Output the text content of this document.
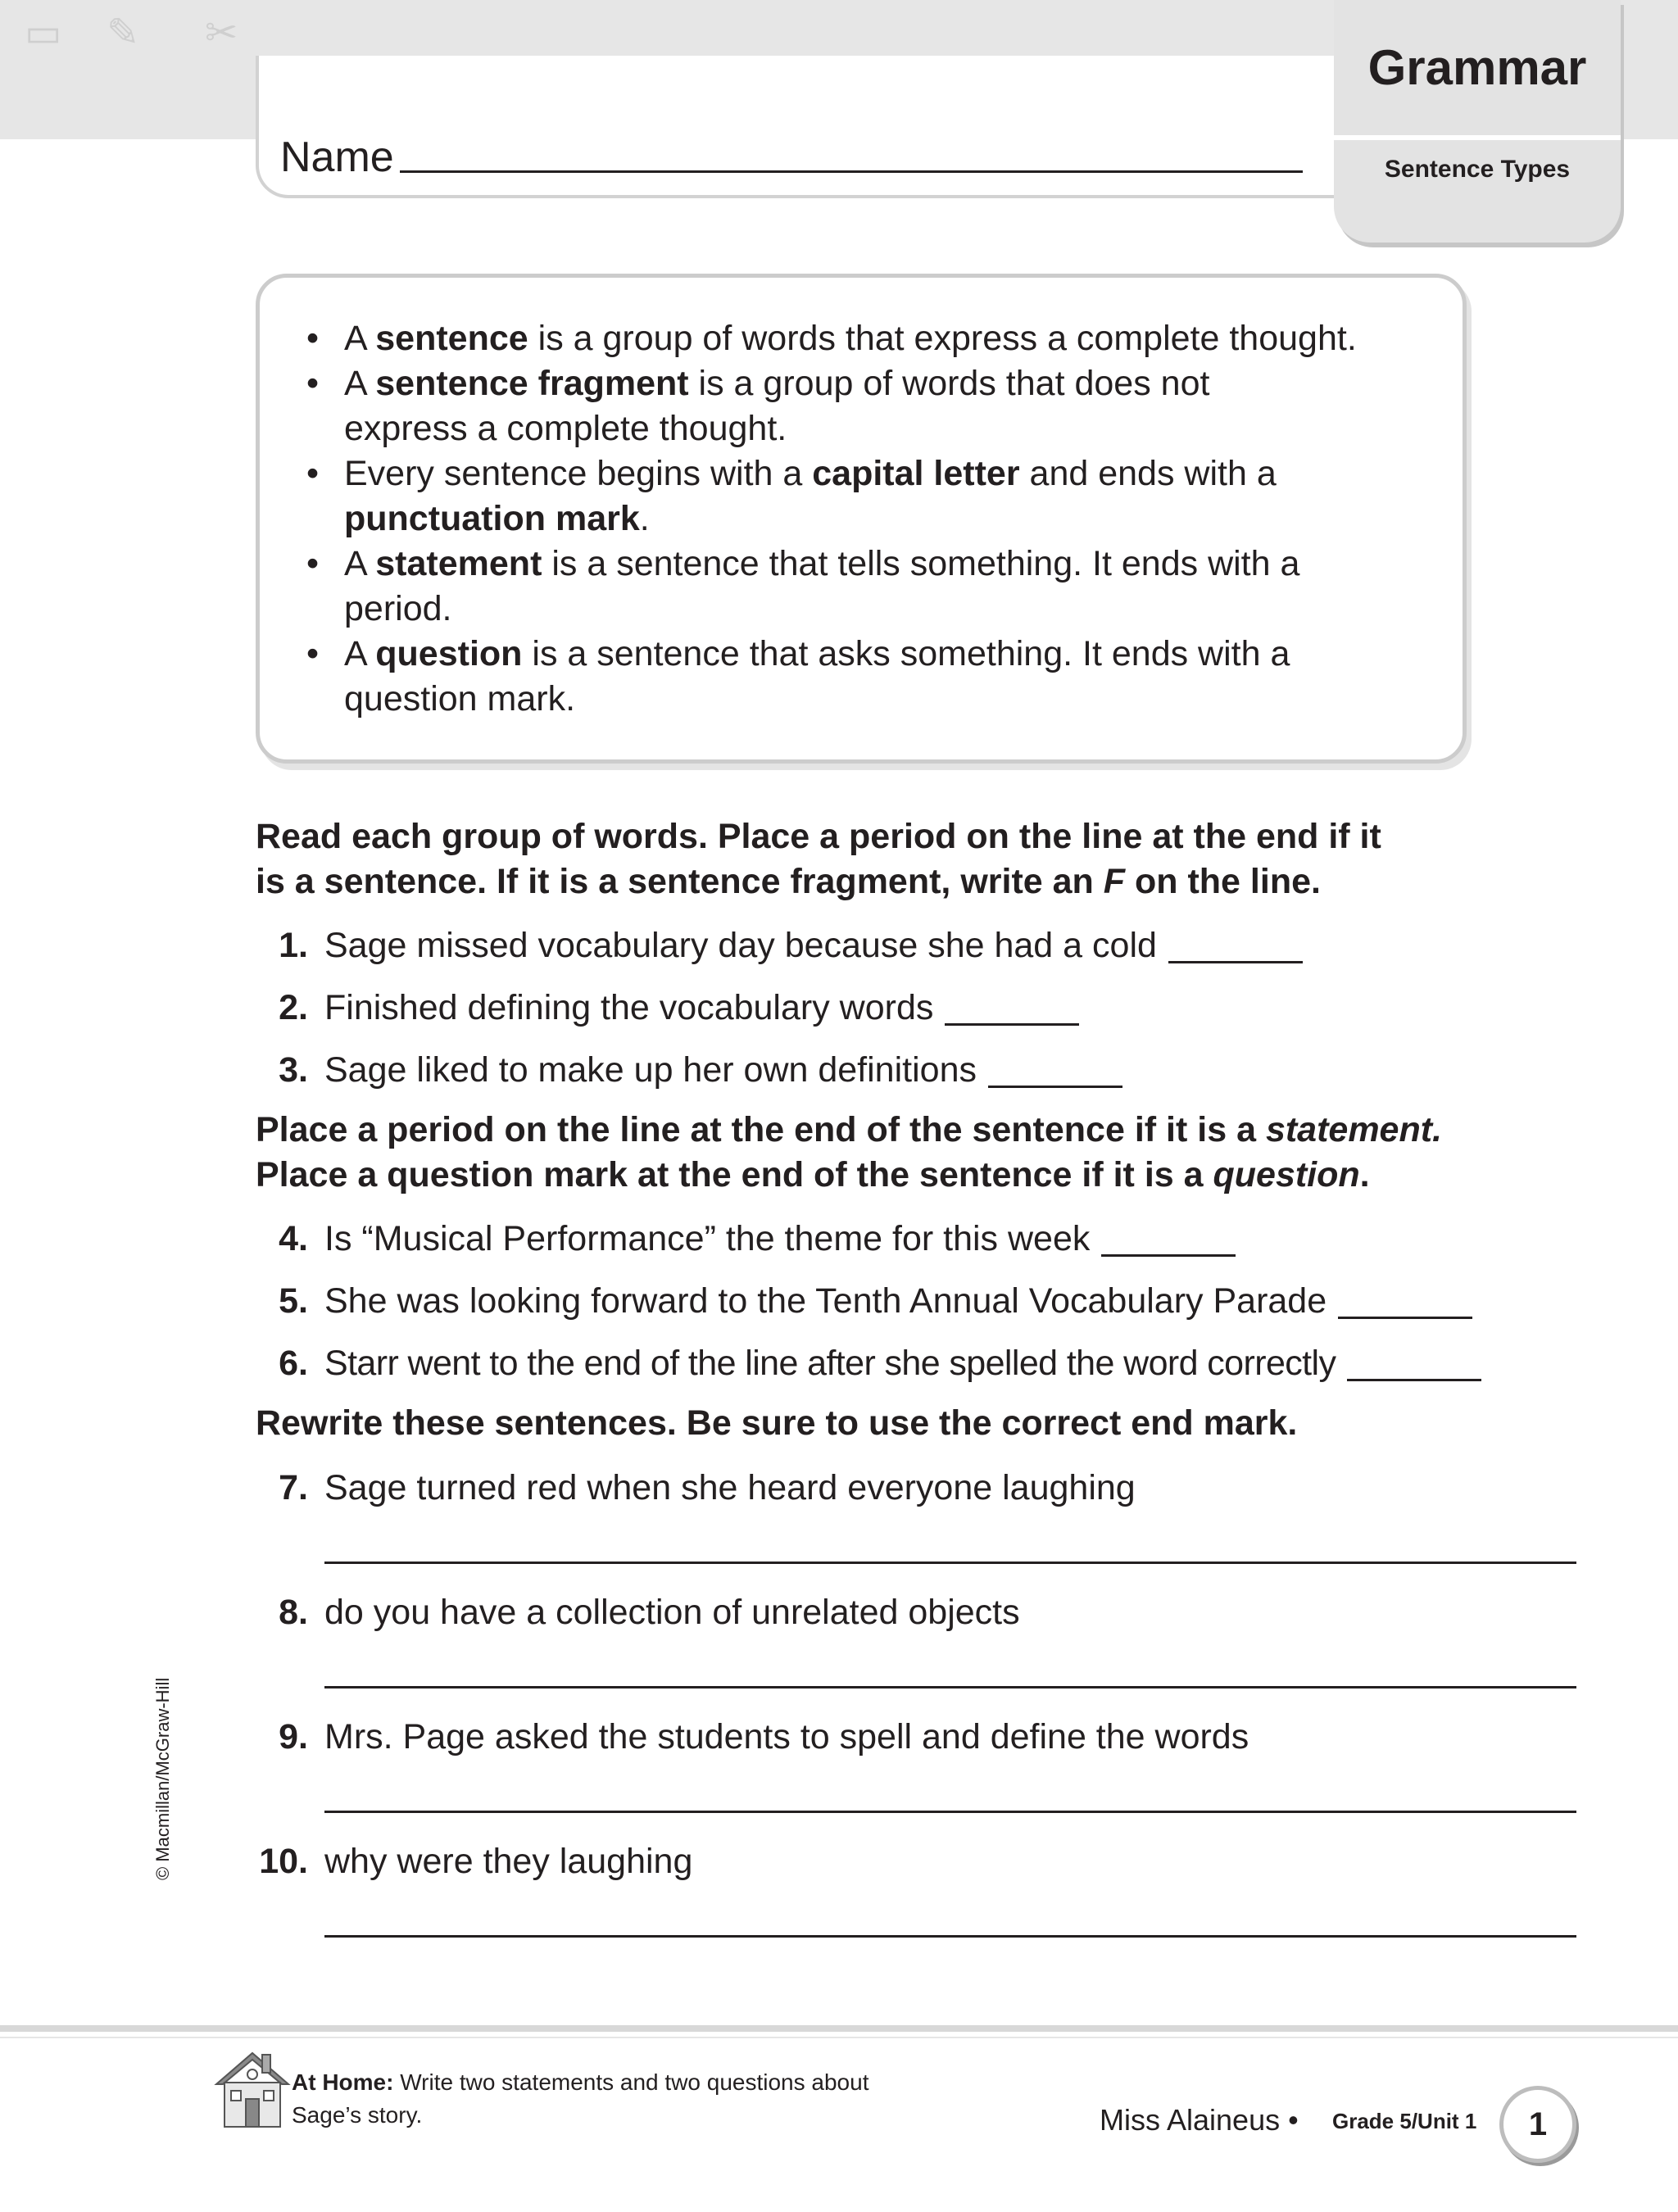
▭ ✎ ✂
Name
Grammar
Sentence Types
• A sentence is a group of words that express a complete thought.
• A sentence fragment is a group of words that does not
express a complete thought.
• Every sentence begins with a capital letter and ends with a
punctuation mark.
• A statement is a sentence that tells something. It ends with a
period.
• A question is a sentence that asks something. It ends with a
question mark.
Read each group of words. Place a period on the line at the end if it
is a sentence. If it is a sentence fragment, write an F on the line.
1. Sage missed vocabulary day because she had a cold
2. Finished defining the vocabulary words
3. Sage liked to make up her own definitions
Place a period on the line at the end of the sentence if it is a statement.
Place a question mark at the end of the sentence if it is a question.
4. Is “Musical Performance” the theme for this week
5. She was looking forward to the Tenth Annual Vocabulary Parade
6. Starr went to the end of the line after she spelled the word correctly
Rewrite these sentences. Be sure to use the correct end mark.
7. Sage turned red when she heard everyone laughing
8. do you have a collection of unrelated objects
9. Mrs. Page asked the students to spell and define the words
10. why were they laughing
© Macmillan/McGraw-Hill
At Home: Write two statements and two questions about
Sage’s story.	Miss Alaineus • Grade 5/Unit 1	1
